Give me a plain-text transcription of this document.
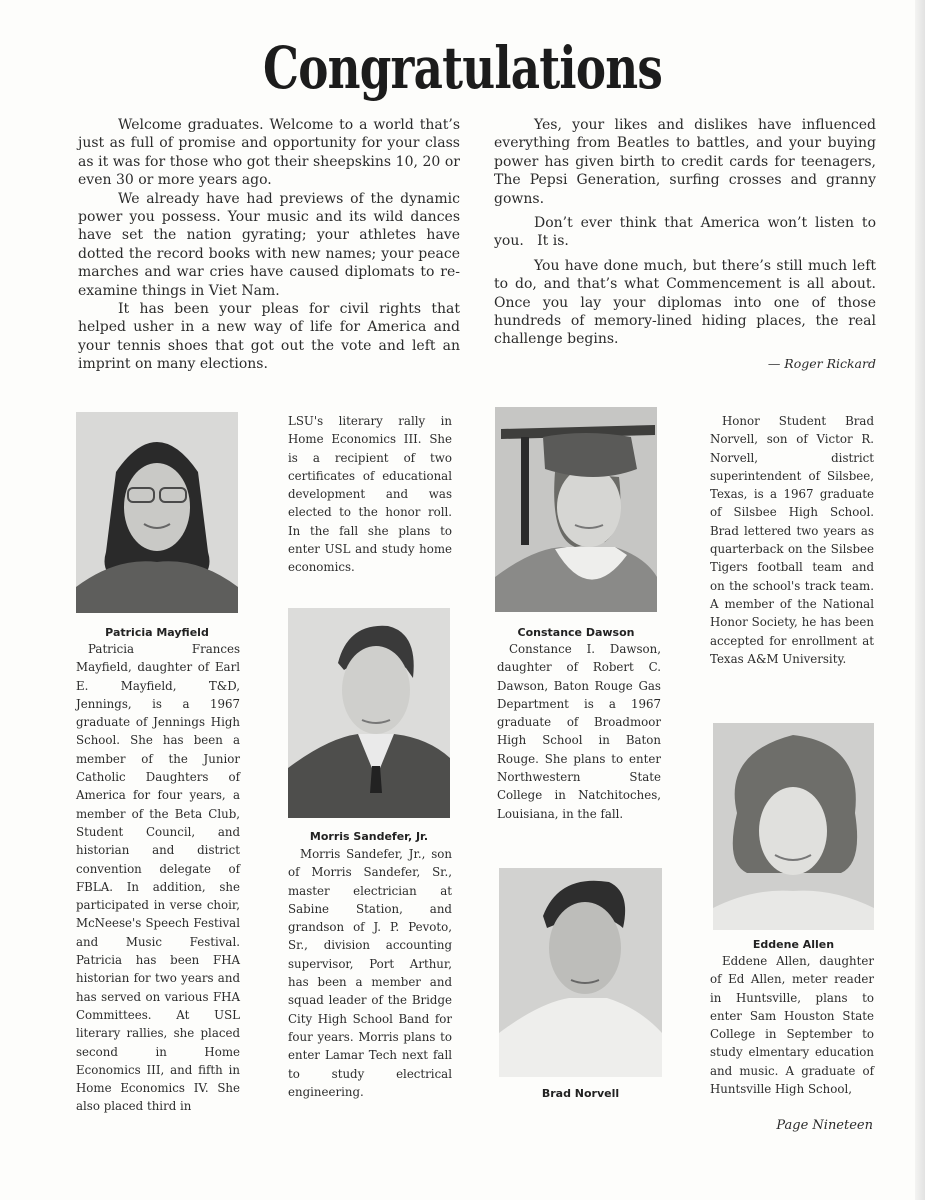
Congratulations

Welcome graduates. Welcome to a world that’s just as full of promise and opportunity for your class as it was for those who got their sheepskins 10, 20 or even 30 or more years ago.

We already have had previews of the dynamic power you possess. Your music and its wild dances have set the nation gyrating; your athletes have dotted the record books with new names; your peace marches and war cries have caused diplomats to re-examine things in Viet Nam.

It has been your pleas for civil rights that helped usher in a new way of life for America and your tennis shoes that got out the vote and left an imprint on many elections.

Yes, your likes and dislikes have influenced everything from Beatles to battles, and your buying power has given birth to credit cards for teenagers, The Pepsi Generation, surfing crosses and granny gowns.

Don’t ever think that America won’t listen to you.   It is.

You have done much, but there’s still much left to do, and that’s what Commencement is all about. Once you lay your diplomas into one of those hundreds of memory-lined hiding places, the real challenge begins.

— Roger Rickard
Patricia Mayfield
Patricia Frances Mayfield, daughter of Earl E. Mayfield, T&D, Jennings, is a 1967 graduate of Jennings High School. She has been a member of the Junior Catholic Daughters of America for four years, a member of the Beta Club, Student Council, and historian and district convention delegate of FBLA. In addition, she participated in verse choir, McNeese's Speech Festival and Music Festival. Patricia has been FHA historian for two years and has served on various FHA Committees. At USL literary rallies, she placed second in Home Economics III, and fifth in Home Economics IV. She also placed third in
LSU's literary rally in Home Economics III. She is a recipient of two certificates of educational development and was elected to the honor roll. In the fall she plans to enter USL and study home economics.
Morris Sandefer, Jr.
Morris Sandefer, Jr., son of Morris Sandefer, Sr., master electrician at Sabine Station, and grandson of J. P. Pevoto, Sr., division accounting supervisor, Port Arthur, has been a member and squad leader of the Bridge City High School Band for four years. Morris plans to enter Lamar Tech next fall to study electrical engineering.
Constance Dawson
Constance I. Dawson, daughter of Robert C. Dawson, Baton Rouge Gas Department is a 1967 graduate of Broadmoor High School in Baton Rouge. She plans to enter Northwestern State College in Natchitoches, Louisiana, in the fall.
Honor Student Brad Norvell, son of Victor R. Norvell, district superintendent of Silsbee, Texas, is a 1967 graduate of Silsbee High School. Brad lettered two years as quarterback on the Silsbee Tigers football team and on the school's track team. A member of the National Honor Society, he has been accepted for enrollment at Texas A&M University.
Brad Norvell
Eddene Allen
Eddene Allen, daughter of Ed Allen, meter reader in Huntsville, plans to enter Sam Houston State College in September to study elmentary education and music. A graduate of Huntsville High School,
Page Nineteen
